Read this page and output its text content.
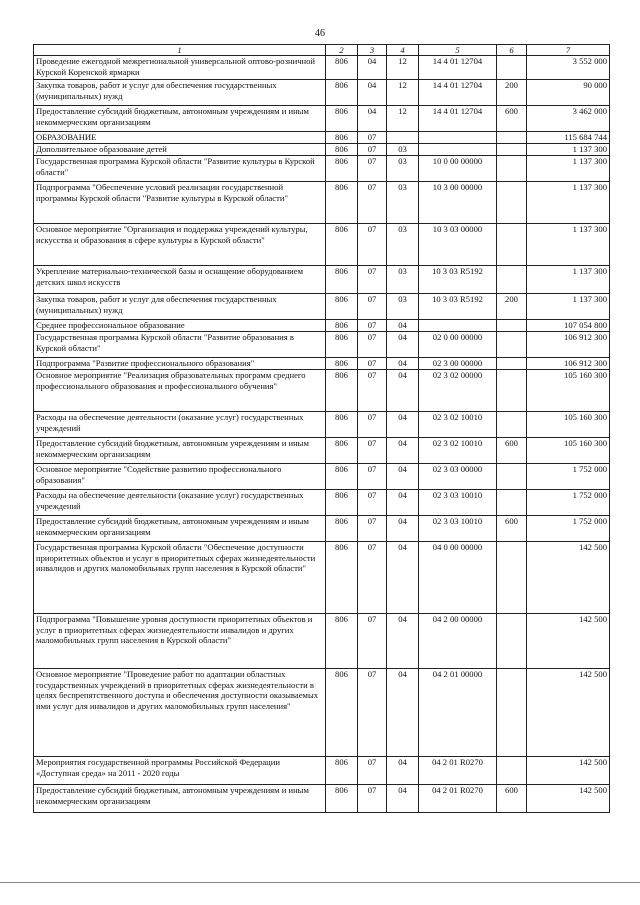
46
1	2	3	4	5	6	7
Проведение ежегодной межрегиональной универсальной оптово-розничной Курской Коренской ярмарки	806	04	12	14 4 01 12704		3 552 000
Закупка товаров, работ и услуг для обеспечения государственных (муниципальных) нужд	806	04	12	14 4 01 12704	200	90 000
Предоставление субсидий бюджетным, автономным учреждениям и иным некоммерческим организациям	806	04	12	14 4 01 12704	600	3 462 000
ОБРАЗОВАНИЕ	806	07				115 684 744
Дополнительное образование детей	806	07	03			1 137 300
Государственная программа Курской области "Развитие культуры в Курской области"	806	07	03	10 0 00 00000		1 137 300
Подпрограмма "Обеспечение условий реализации государственной программы Курской области "Развитие культуры в Курской области"	806	07	03	10 3 00 00000		1 137 300
Основное мероприятие "Организация и поддержка учреждений культуры, искусства и образования в сфере культуры в Курской области"	806	07	03	10 3 03 00000		1 137 300
Укрепление материально-технической базы и оснащение оборудованием детских школ искусств	806	07	03	10 3 03 R5192		1 137 300
Закупка товаров, работ и услуг для обеспечения государственных (муниципальных) нужд	806	07	03	10 3 03 R5192	200	1 137 300
Среднее профессиональное образование	806	07	04			107 054 800
Государственная программа Курской области "Развитие образования в Курской области"	806	07	04	02 0 00 00000		106 912 300
Подпрограмма "Развитие профессионального образования"	806	07	04	02 3 00 00000		106 912 300
Основное мероприятие "Реализация образовательных программ среднего профессионального образования и профессионального обучения"	806	07	04	02 3 02 00000		105 160 300
Расходы на обеспечение деятельности (оказание услуг) государственных учреждений	806	07	04	02 3 02 10010		105 160 300
Предоставление субсидий бюджетным, автономным учреждениям и иным некоммерческим организациям	806	07	04	02 3 02 10010	600	105 160 300
Основное мероприятие "Содействие развитию профессионального образования"	806	07	04	02 3 03 00000		1 752 000
Расходы на обеспечение деятельности (оказание услуг) государственных учреждений	806	07	04	02 3 03 10010		1 752 000
Предоставление субсидий бюджетным, автономным учреждениям и иным некоммерческим организациям	806	07	04	02 3 03 10010	600	1 752 000
Государственная программа Курской области "Обеспечение доступности приоритетных объектов и услуг в приоритетных сферах жизнедеятельности инвалидов и других маломобильных групп населения в Курской области"	806	07	04	04 0 00 00000		142 500
Подпрограмма "Повышение уровня доступности приоритетных объектов и услуг в приоритетных сферах жизнедеятельности инвалидов и других маломобильных групп населения в Курской области"	806	07	04	04 2 00 00000		142 500
Основное мероприятие "Проведение работ по адаптации областных государственных учреждений в приоритетных сферах жизнедеятельности в целях беспрепятственного доступа и обеспечения доступности оказываемых ими услуг для инвалидов и других маломобильных групп населения"	806	07	04	04 2 01 00000		142 500
Мероприятия государственной программы Российской Федерации «Доступная среда» на 2011 - 2020 годы	806	07	04	04 2 01 R0270		142 500
Предоставление субсидий бюджетным, автономным учреждениям и иным некоммерческим организациям	806	07	04	04 2 01 R0270	600	142 500
